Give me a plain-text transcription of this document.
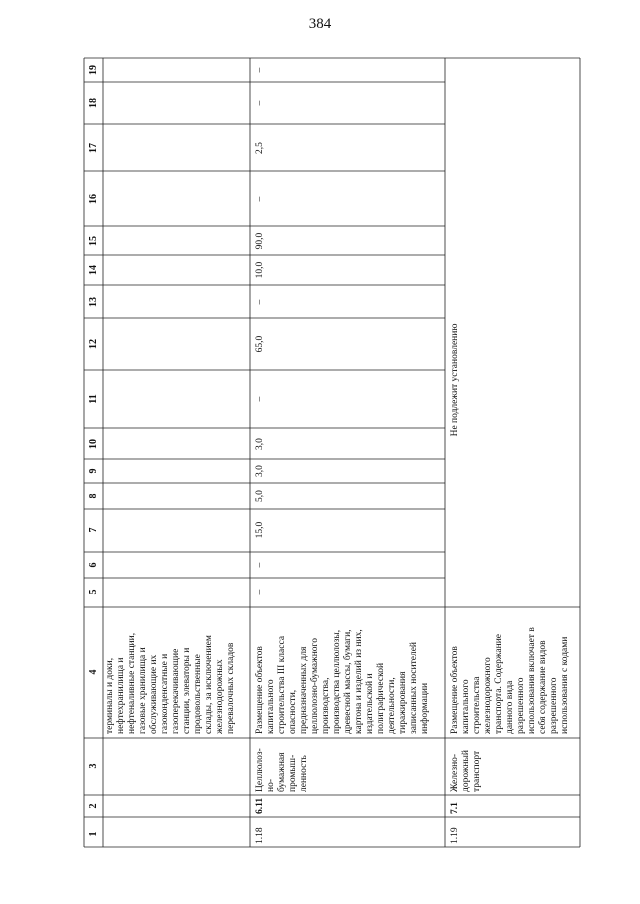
384
1
2
3
4
5
6
7
8
9
10
11
12
13
14
15
16
17
18
19
терминалы и доки, нефтехранилища и нефтеналивные станции, газовые хранилища и обслуживающие их газоконденсатные и газоперекачивающие станции, элеваторы и продовольственные склады, за исключением железнодорожных перевалочных складов
1.18
6.11
Целлюлоз- но- бумажная промыш- ленность
Размещение объектов капитального строительства III класса опасности, предназначенных для целлюлозно-бумажного производства, производства целлюлозы, древесной массы, бумаги, картона и изделий из них, издательской и полиграфической деятельности, тиражирования записанных носителей информации
–
–
15,0
5,0
3,0
3,0
–
65,0
–
10,0
90,0
–
2,5
–
–
1.19
7.1
Железно- дорожный транспорт
Размещение объектов капитального строительства железнодорожного транспорта. Содержание данного вида разрешенного использования включает в себя содержание видов разрешенного использования с кодами
Не подлежит установлению
